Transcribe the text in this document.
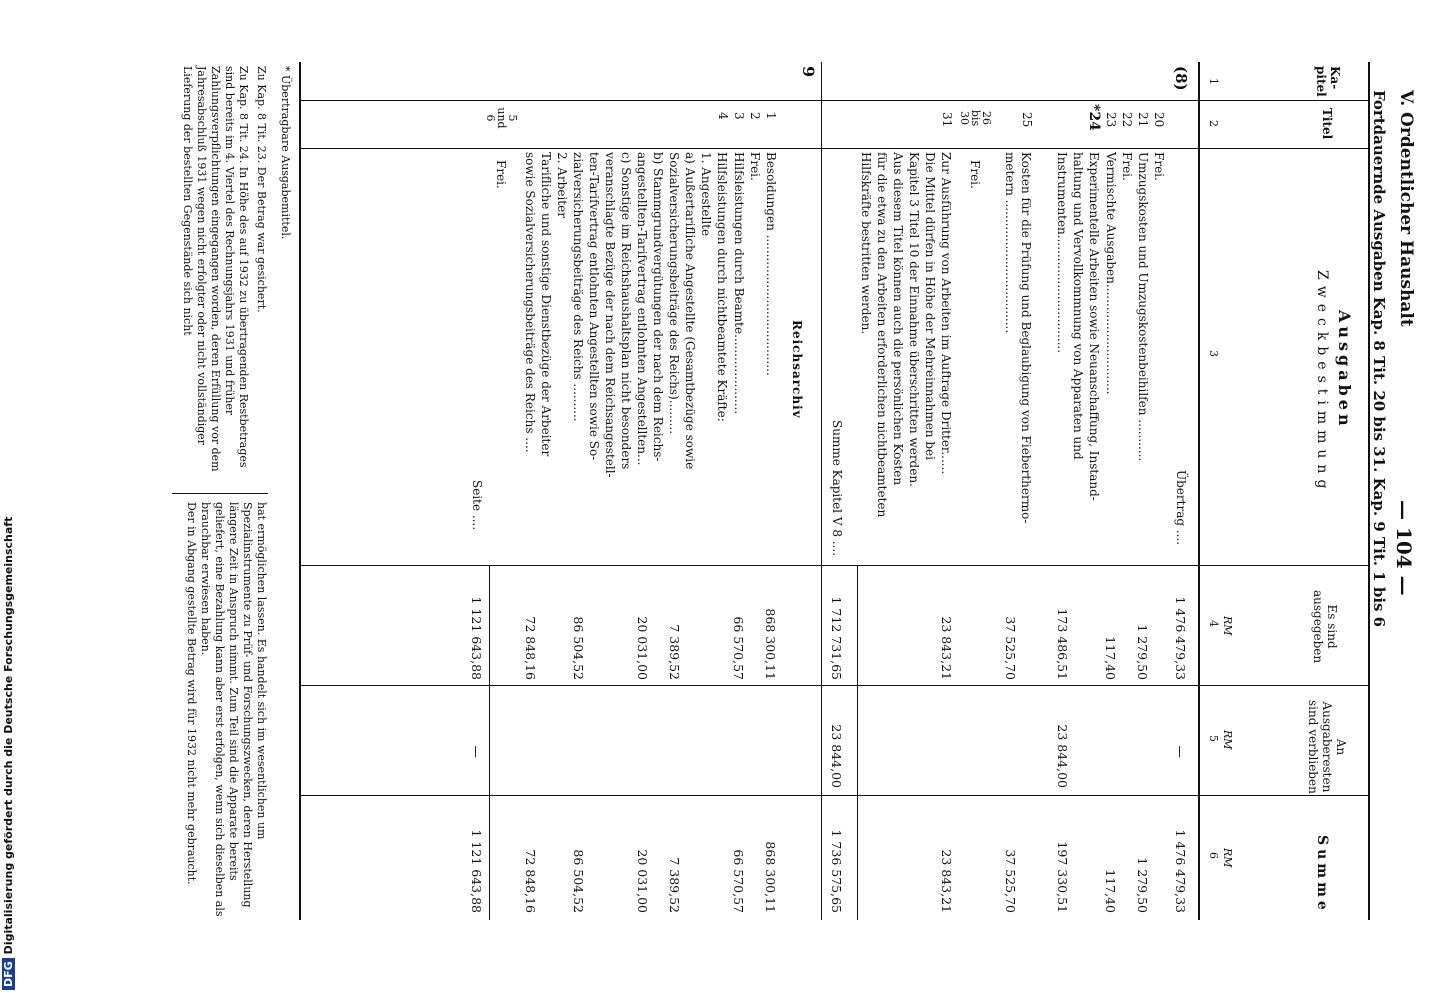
DFGDigitalisierung gefördert durch die Deutsche Forschungsgemeinschaft
V. Ordentlicher Haushalt
— 104 —
Fortdauernde Ausgaben Kap. 8 Tit. 20 bis 31. Kap. 9 Tit. 1 bis 6
Ka-
pitel
Titel
Ausgaben
Zweckbestimmung
Es sind
ausgegeben
An
Ausgaberesten
sind verblieben
Summe
1
2
3
4
5
6
RM
RM
RM
(8)
Übertrag ....
1 476 479,33
—
1 476 479,33
20
Frei.
21
Umzugskosten und Umzugskostenbeihilfen ...........
1 279,50
1 279,50
22
Frei.
23
Vermischte Ausgaben.............................
117,40
117,40
*24
Experimentelle Arbeiten sowie Neuanschaffung, Instand-
haltung und Vervollkommnung von Apparaten und
Instrumenten...............................
173 486,51
23 844,00
197 330,51
25
Kosten für die Prüfung und Beglaubigung von Fieberthermo-
metern ...................................
37 525,70
37 525,70
26
bis
30
Frei.
31
Zur Ausführung von Arbeiten im Auftrage Dritter......
Die Mittel dürfen in Höhe der Mehreinnahmen bei
Kapitel 3 Titel 10 der Einnahme überschritten werden.
Aus diesem Titel können auch die persönlichen Kosten
für die etwa zu den Arbeiten erforderlichen nichtbeamteten
Hilfskräfte bestritten werden.
23 843,21
23 843,21
Summe Kapitel V 8 ....
1 712 731,65
23 844,00
1 736 575,65
9
Reichsarchiv
1
Besoldungen .....................................
868 300,11
868 300,11
2
Frei.
3
Hilfsleistungen durch Beamte.....................
66 570,57
66 570,57
4
Hilfsleistungen durch nichtbeamtete Kräfte:
1. Angestellte
a) Außertarifliche Angestellte (Gesamtbezüge sowie
Sozialversicherungsbeiträge des Reichs).........
b) Stammgrundvergütungen der nach dem Reichs-
angestellten-Tarifvertrag entlohnten Angestellten...
c) Sonstige im Reichshaushaltsplan nicht besonders
veranschlagte Bezüge der nach dem Reichsangestell-
ten-Tarifvertrag entlohnten Angestellten sowie So-
zialversicherungsbeiträge des Reichs ..........
2. Arbeiter
Tarifliche und sonstige Dienstbezüge der Arbeiter
sowie Sozialversicherungsbeiträge des Reichs ....
7 389,52
7 389,52
20 031,00
20 031,00
86 504,52
86 504,52
72 848,16
72 848,16
5
und
6
Frei.
Seite ....
1 121 643,88
—
1 121 643,88
* Übertragbare Ausgabemittel.
Zu Kap. 8 Tit. 23. Der Betrag war gesichert.
Zu Kap. 8 Tit. 24. In Höhe des auf 1932 zu übertragenden Restbetrages sind bereits im 4. Viertel des Rechnungsjahrs 1931 und früher Zahlungsverpflichtungen eingegangen worden, deren Erfüllung vor dem Jahresabschluß 1931 wegen nicht erfolgter oder nicht vollständiger Lieferung der bestellten Gegenstände sich nicht
hat ermöglichen lassen. Es handelt sich im wesentlichen um Spezialinstrumente zu Prüf- und Forschungszwecken, deren Herstellung längere Zeit in Anspruch nimmt. Zum Teil sind die Apparate bereits geliefert, eine Bezahlung kann aber erst erfolgen, wenn sich dieselben als brauchbar erwiesen haben.
Der in Abgang gestellte Betrag wird für 1932 nicht mehr gebraucht.
